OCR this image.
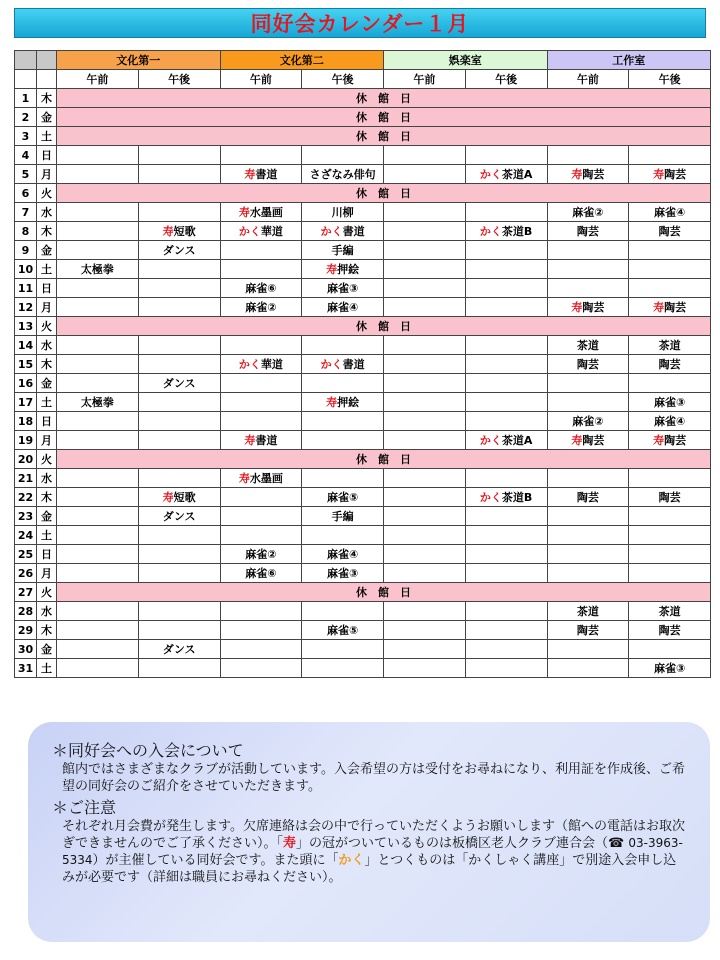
同好会カレンダー１月
		文化第一		文化第二		娯楽室		工作室	
		午前	午後	午前	午後	午前	午後	午前	午後
1	木	休　館　日							
2	金	休　館　日							
3	土	休　館　日							
4	日								
5	月			寿書道	さざなみ俳句		かく茶道A	寿陶芸	寿陶芸
6	火	休　館　日							
7	水			寿水墨画	川柳			麻雀②	麻雀④
8	木		寿短歌	かく華道	かく書道		かく茶道B	陶芸	陶芸
9	金		ダンス		手編				
10	土	太極拳			寿押絵				
11	日			麻雀⑥	麻雀③				
12	月			麻雀②	麻雀④			寿陶芸	寿陶芸
13	火	休　館　日							
14	水							茶道	茶道
15	木			かく華道	かく書道			陶芸	陶芸
16	金		ダンス						
17	土	太極拳			寿押絵				麻雀③
18	日							麻雀②	麻雀④
19	月			寿書道			かく茶道A	寿陶芸	寿陶芸
20	火	休　館　日							
21	水			寿水墨画					
22	木		寿短歌		麻雀⑤		かく茶道B	陶芸	陶芸
23	金		ダンス		手編				
24	土								
25	日			麻雀②	麻雀④				
26	月			麻雀⑥	麻雀③				
27	火	休　館　日							
28	水							茶道	茶道
29	木				麻雀⑤			陶芸	陶芸
30	金		ダンス						
31	土								麻雀③
＊同好会への入会について
館内ではさまざまなクラブが活動しています。入会希望の方は受付をお尋ねになり、利用証を作成後、ご希望の同好会のご紹介をさせていただきます。
＊ご注意
それぞれ月会費が発生します。欠席連絡は会の中で行っていただくようお願いします（館への電話はお取次ぎできませんのでご了承ください）。「寿」の冠がついているものは板橋区老人クラブ連合会（☎ 03-3963-5334）が主催している同好会です。また頭に「かく」とつくものは「かくしゃく講座」で別途入会申し込みが必要です（詳細は職員にお尋ねください）。
